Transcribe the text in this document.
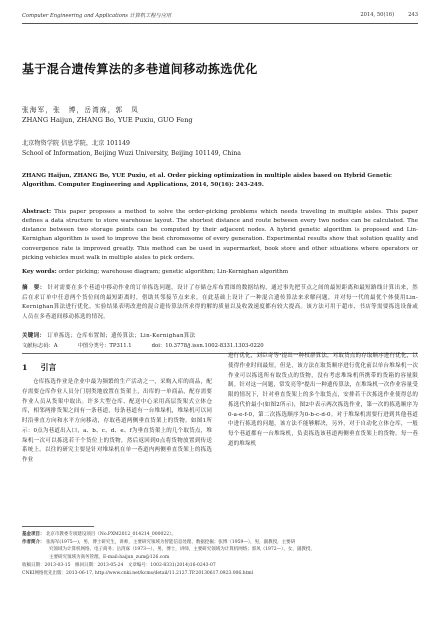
Computer Engineering and Applications 计算机工程与应用	2014, 50(16)	243
基于混合遗传算法的多巷道间移动拣选优化
张海军，张　博，岳湾庥，郭　凤
ZHANG Haijun, ZHANG Bo, YUE Puxiu, GUO Feng
北京物资学院 信息学院，北京 101149
School of Information, Beijing Wuzi University, Beijing 101149, China
ZHANG Haijun, ZHANG Bo, YUE Puxiu, et al. Order picking optimization in multiple aisles based on Hybrid Genetic Algorithm. Computer Engineering and Applications, 2014, 50(16): 243-249.
Abstract: This paper proposes a method to solve the order-picking problems which needs traveling in multiple aisles. This paper defines a data structure to store warehouse layout. The shortest distance and route between every two nodes can be calculated. The distance between two storage points can be computed by their adjacent nodes. A hybrid genetic algorithm is proposed and Lin-Kernighan algorithm is used to improve the best chromosome of every generation. Experimental results show that solution quality and convergence rate is improved greatly. This method can be used in supermarket, book store and other situations where operators or picking vehicles must walk in multiple aisles to pick orders.
Key words: order picking; warehouse diagram; genetic algorithm; Lin-Kernighan algorithm
摘　要： 针对需要在多个巷道中移动作业的订单拣选问题，设计了存储仓库布置图的数据结构，通过事先把节点之间的最短距离和最短路线计算出来，然后在求订单中任意两个货位间的最短距离时，借助其邻接节点来求。在此基础上设计了一种混合遗传算法来求解问题，并对每一代的最优个体使用Lin-Kernighan算法进行优化。实验结果表明改进的混合遗传算法所求得的解的质量以及收敛速度都有较大提高。该方法可用于超市、书店等需要拣选设备或人员在多巷道间移动拣选的情况。
关键词： 订单拣选；仓库布置图；遗传算法；Lin-Kernighan算法
文献标志码：A	中图分类号：TP311.1	doi：10.3778/j.issn.1002-8331.1303-0220
1 　 引言

仓库拣选作业是企业中最为频繁的生产活动之一，采购入库的商品，配存需要仓库作业人员分门别类地放置在货架上，出库的一单商品，配存需要作业人员从货架中取出。许多大型仓库、配送中心采用高层货架式立体仓库，相邻两排货架之间有一条巷道，每条巷道有一台堆垛机，堆垛机可以同时沿垂直方向和水平方向移动，存取巷道两侧垂直货架上的货物。如图1所示：0点为巷道出入口，a、b、c、d、e、f为垂直货架上的几个取货点，堆垛机一次可以拣选若干个货位上的货物，然后返回到0点将货物放置到传送系统上。以往的研究主要是针对堆垛机在单一巷道内两侧垂直货架上的拣选作业

进行优化，刘臣奇等¹提出一种权群算法，对取货点的存取顺序进行优化，以使得作业时间最短。但是，该方法在取货顺序进行优化前以单台堆垛机一次作业可以拣选所有取货点的货物，没有考虑堆垛机所携带的货箱的容量限制。针对这一问题，常发亮等²提出一种遗传算法，在堆垛机一次作业容量受限的情况下，针对垂直货架上的多个取货点，安排若干次拣选作业使得总的拣选代价最小(如图2所示)，图2中表示两次拣选作业，第一次的拣选顺序为0-a-e-f-0，第二次拣选顺序为0-b-c-d-0。对于堆垛机需要行进到其他巷道中进行拣选的问题，该方法不能够解决，另外，对于自动化立体仓库，一般每个巷道都有一台堆垛机，负责拣选该巷道两侧垂直货架上的货物。每一巷道的堆垛机

基金项目： 北京市教委专项建设项目（No.PXM2012_014214_000022）。
作者简介： 张海军(1975—)，男，博士研究生，讲师，主要研究领域为智能信息处理、数据挖掘；张博（1959—），男，副教授，主要研
究领域为计算机网络、电子商务；岳湾庥（1973—），男，博士，讲师，主要研究领域为计算机网络；郭风（1972—），女，副教授，
主要研究领域为商务管理。E-mail:haijun_zum@126.com
收稿日期：2013-03-15　修回日期：2013-05-24　文章编号：1002-8331(2014)16-0243-07
CNKI网络优先出版：2013-06-17, http://www.cnki.net/kcms/detail/11.2127.TP.20130617.0923.006.html
